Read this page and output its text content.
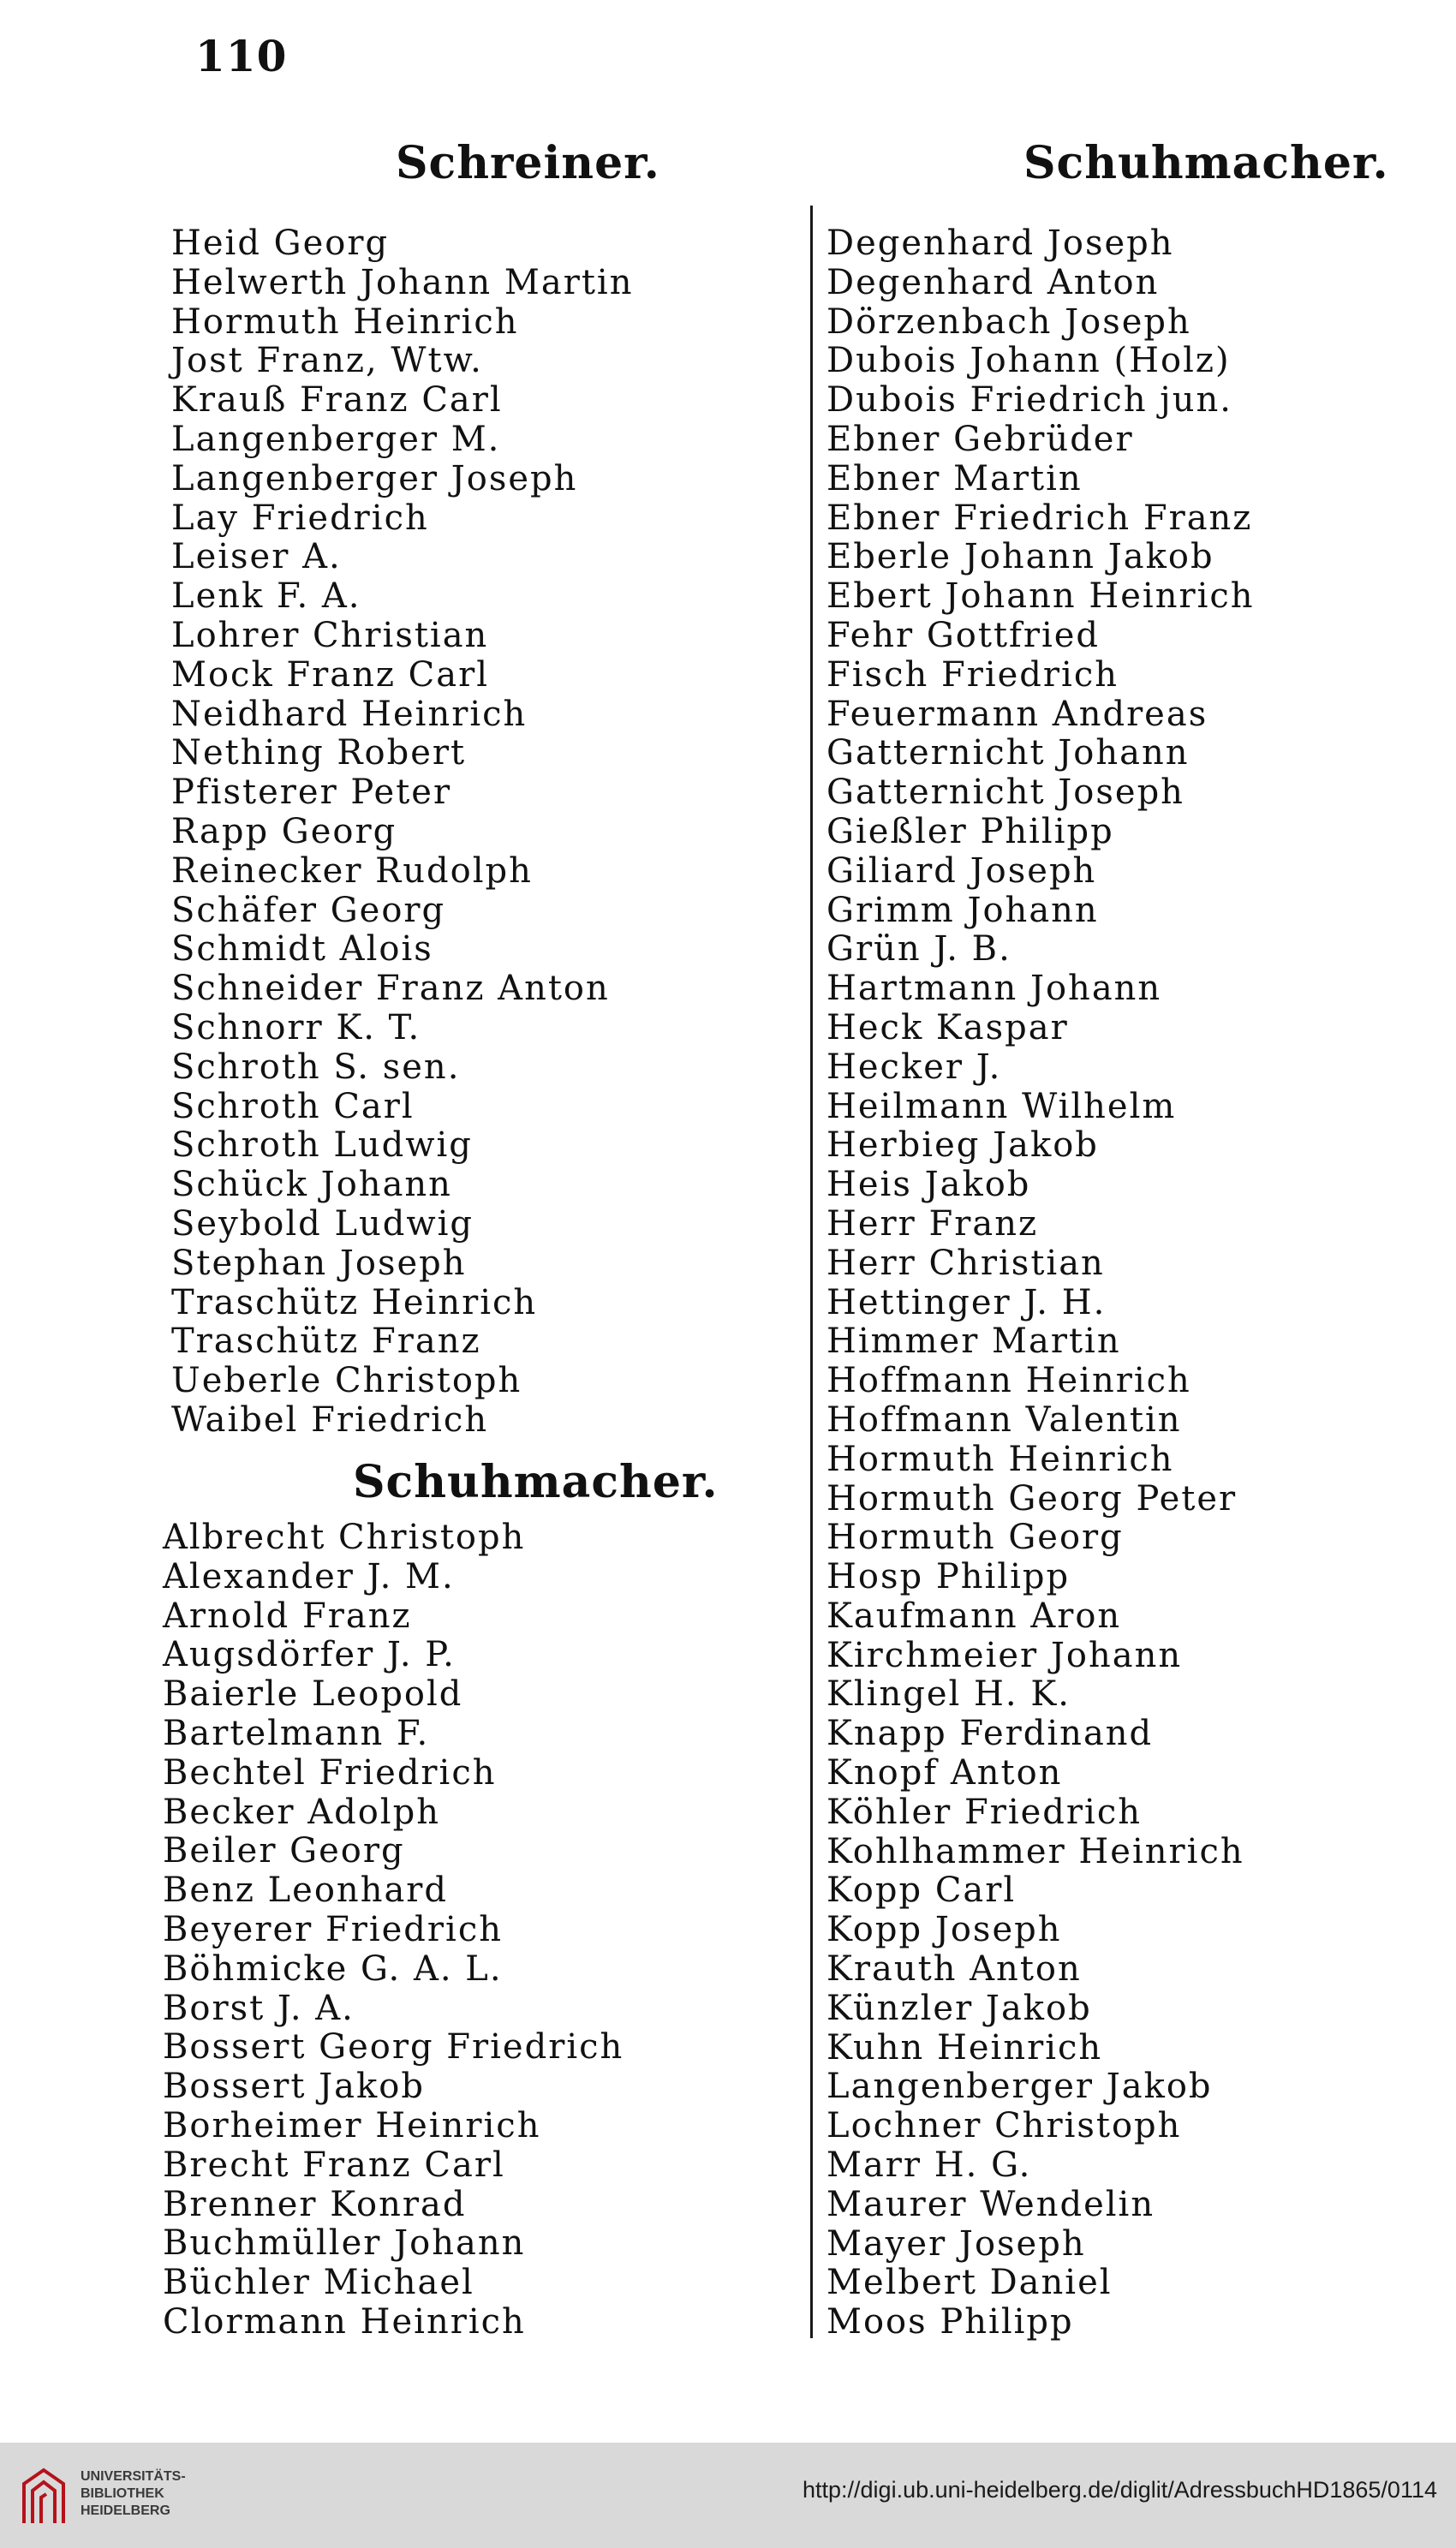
110
Schreiner.
Heid Georg
Helwerth Johann Martin
Hormuth Heinrich
Jost Franz, Wtw.
Krauß Franz Carl
Langenberger M.
Langenberger Joseph
Lay Friedrich
Leiser A.
Lenk F. A.
Lohrer Christian
Mock Franz Carl
Neidhard Heinrich
Nething Robert
Pfisterer Peter
Rapp Georg
Reinecker Rudolph
Schäfer Georg
Schmidt Alois
Schneider Franz Anton
Schnorr K. T.
Schroth S. sen.
Schroth Carl
Schroth Ludwig
Schück Johann
Seybold Ludwig
Stephan Joseph
Traschütz Heinrich
Traschütz Franz
Ueberle Christoph
Waibel Friedrich
Schuhmacher.
Albrecht Christoph
Alexander J. M.
Arnold Franz
Augsdörfer J. P.
Baierle Leopold
Bartelmann F.
Bechtel Friedrich
Becker Adolph
Beiler Georg
Benz Leonhard
Beyerer Friedrich
Böhmicke G. A. L.
Borst J. A.
Bossert Georg Friedrich
Bossert Jakob
Borheimer Heinrich
Brecht Franz Carl
Brenner Konrad
Buchmüller Johann
Büchler Michael
Clormann Heinrich
Schuhmacher.
Degenhard Joseph
Degenhard Anton
Dörzenbach Joseph
Dubois Johann (Holz)
Dubois Friedrich jun.
Ebner Gebrüder
Ebner Martin
Ebner Friedrich Franz
Eberle Johann Jakob
Ebert Johann Heinrich
Fehr Gottfried
Fisch Friedrich
Feuermann Andreas
Gatternicht Johann
Gatternicht Joseph
Gießler Philipp
Giliard Joseph
Grimm Johann
Grün J. B.
Hartmann Johann
Heck Kaspar
Hecker J.
Heilmann Wilhelm
Herbieg Jakob
Heis Jakob
Herr Franz
Herr Christian
Hettinger J. H.
Himmer Martin
Hoffmann Heinrich
Hoffmann Valentin
Hormuth Heinrich
Hormuth Georg Peter
Hormuth Georg
Hosp Philipp
Kaufmann Aron
Kirchmeier Johann
Klingel H. K.
Knapp Ferdinand
Knopf Anton
Köhler Friedrich
Kohlhammer Heinrich
Kopp Carl
Kopp Joseph
Krauth Anton
Künzler Jakob
Kuhn Heinrich
Langenberger Jakob
Lochner Christoph
Marr H. G.
Maurer Wendelin
Mayer Joseph
Melbert Daniel
Moos Philipp
UNIVERSITÄTS-
BIBLIOTHEK
HEIDELBERG
http://digi.ub.uni-heidelberg.de/diglit/AdressbuchHD1865/0114
